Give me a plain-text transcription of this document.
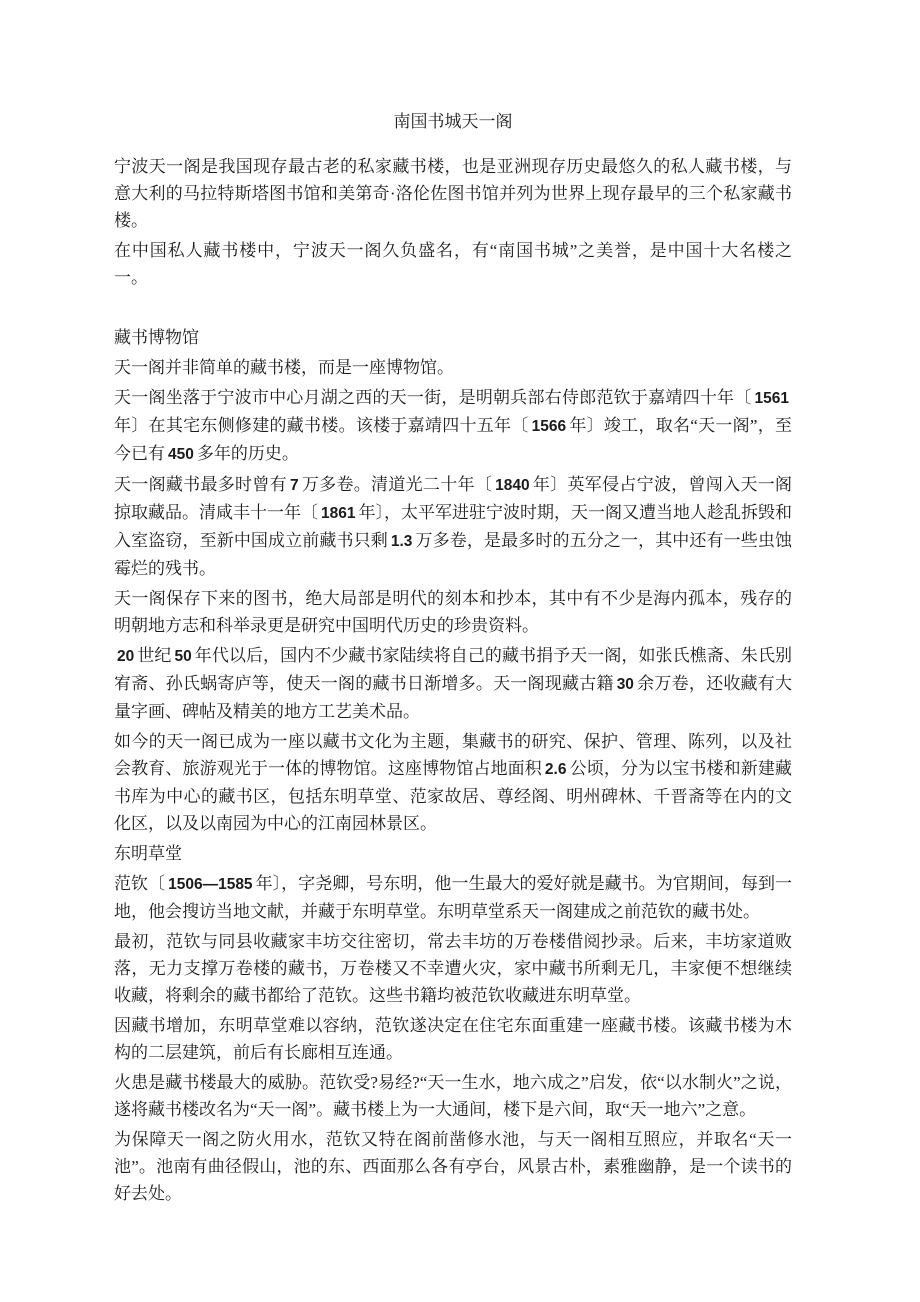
南国书城天一阁

宁波天一阁是我国现存最古老的私家藏书楼，也是亚洲现存历史最悠久的私人藏书楼，与意大利的马拉特斯塔图书馆和美第奇·洛伦佐图书馆并列为世界上现存最早的三个私家藏书楼。

在中国私人藏书楼中，宁波天一阁久负盛名，有“南国书城”之美誉，是中国十大名楼之一。

藏书博物馆

天一阁并非简单的藏书楼，而是一座博物馆。

天一阁坐落于宁波市中心月湖之西的天一街，是明朝兵部右侍郎范钦于嘉靖四十年〔 1561年〕在其宅东侧修建的藏书楼。该楼于嘉靖四十五年〔 1566 年〕竣工，取名“天一阁”，至今已有 450 多年的历史。

天一阁藏书最多时曾有 7 万多卷。清道光二十年〔 1840 年〕英军侵占宁波，曾闯入天一阁掠取藏品。清咸丰十一年〔 1861 年〕，太平军进驻宁波时期，天一阁又遭当地人趁乱拆毁和入室盗窃，至新中国成立前藏书只剩 1.3 万多卷，是最多时的五分之一，其中还有一些虫蚀霉烂的残书。

天一阁保存下来的图书，绝大局部是明代的刻本和抄本，其中有不少是海内孤本，残存的明朝地方志和科举录更是研究中国明代历史的珍贵资料。

20 世纪 50 年代以后，国内不少藏书家陆续将自己的藏书捐予天一阁，如张氏樵斋、朱氏别宥斋、孙氏蜗寄庐等，使天一阁的藏书日渐增多。天一阁现藏古籍 30 余万卷，还收藏有大量字画、碑帖及精美的地方工艺美术品。

如今的天一阁已成为一座以藏书文化为主题，集藏书的研究、保护、管理、陈列，以及社会教育、旅游观光于一体的博物馆。这座博物馆占地面积 2.6 公顷，分为以宝书楼和新建藏书库为中心的藏书区，包括东明草堂、范家故居、尊经阁、明州碑林、千晋斋等在内的文化区，以及以南园为中心的江南园林景区。

东明草堂

范钦〔 1506—1585 年〕，字尧卿，号东明，他一生最大的爱好就是藏书。为官期间，每到一地，他会搜访当地文献，并藏于东明草堂。东明草堂系天一阁建成之前范钦的藏书处。

最初，范钦与同县收藏家丰坊交往密切，常去丰坊的万卷楼借阅抄录。后来，丰坊家道败落，无力支撑万卷楼的藏书，万卷楼又不幸遭火灾，家中藏书所剩无几，丰家便不想继续收藏，将剩余的藏书都给了范钦。这些书籍均被范钦收藏进东明草堂。

因藏书增加，东明草堂难以容纳，范钦遂决定在住宅东面重建一座藏书楼。该藏书楼为木构的二层建筑，前后有长廊相互连通。

火患是藏书楼最大的威胁。范钦受?易经?“天一生水，地六成之”启发，依“以水制火”之说，遂将藏书楼改名为“天一阁”。藏书楼上为一大通间，楼下是六间，取“天一地六”之意。

为保障天一阁之防火用水，范钦又特在阁前凿修水池，与天一阁相互照应，并取名“天一池”。池南有曲径假山，池的东、西面那么各有亭台，风景古朴，素雅幽静，是一个读书的好去处。
